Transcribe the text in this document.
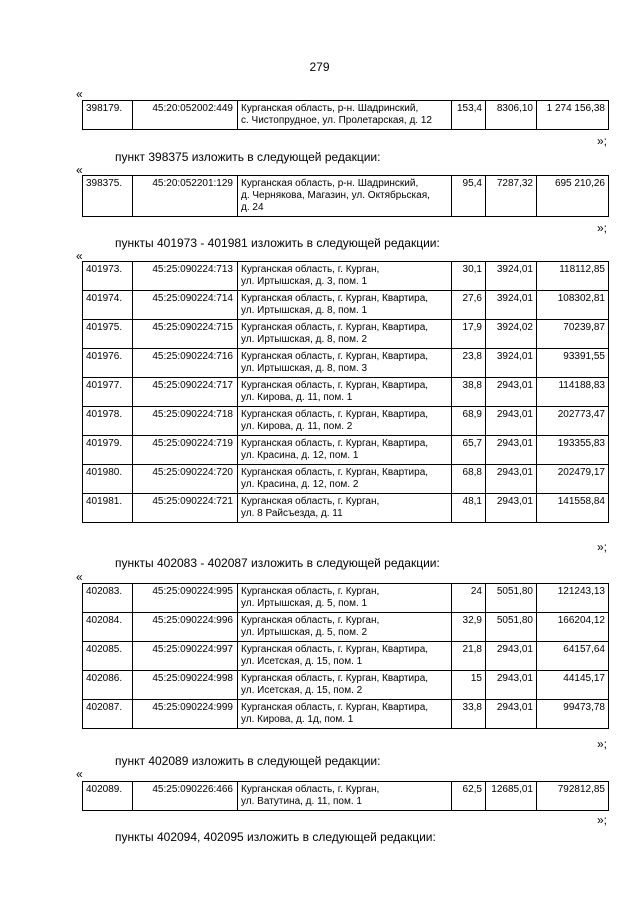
279
«
398179.	45:20:052002:449	Курганская область, р-н. Шадринский,
с. Чистопрудное, ул. Пролетарская, д. 12
	153,4	8306,10	1 274 156,38
»;
пункт 398375 изложить в следующей редакции:
«
398375.	45:20:052201:129	Курганская область, р-н. Шадринский,
д. Чернякова, Магазин, ул. Октябрьская,
д. 24
	95,4	7287,32	695 210,26
»;
пункты 401973 - 401981 изложить в следующей редакции:
«
401973.	45:25:090224:713	Курганская область, г. Курган,
ул. Иртышская, д. 3, пом. 1	30,1	3924,01	118112,85
401974.	45:25:090224:714	Курганская область, г. Курган, Квартира,
ул. Иртышская, д. 8, пом. 1	27,6	3924,01	108302,81
401975.	45:25:090224:715	Курганская область, г. Курган, Квартира,
ул. Иртышская, д. 8, пом. 2	17,9	3924,02	70239,87
401976.	45:25:090224:716	Курганская область, г. Курган, Квартира,
ул. Иртышская, д. 8, пом. 3	23,8	3924,01	93391,55
401977.	45:25:090224:717	Курганская область, г. Курган, Квартира,
ул. Кирова, д. 11, пом. 1	38,8	2943,01	114188,83
401978.	45:25:090224:718	Курганская область, г. Курган, Квартира,
ул. Кирова, д. 11, пом. 2	68,9	2943,01	202773,47
401979.	45:25:090224:719	Курганская область, г. Курган, Квартира,
ул. Красина, д. 12, пом. 1	65,7	2943,01	193355,83
401980.	45:25:090224:720	Курганская область, г. Курган, Квартира,
ул. Красина, д. 12, пом. 2	68,8	2943,01	202479,17
401981.	45:25:090224:721	Курганская область, г. Курган,
ул. 8 Райсъезда, д. 11	48,1	2943,01	141558,84
»;
пункты 402083 - 402087 изложить в следующей редакции:
«
402083.	45:25:090224:995	Курганская область, г. Курган,
ул. Иртышская, д. 5, пом. 1	24	5051,80	121243,13
402084.	45:25:090224:996	Курганская область, г. Курган,
ул. Иртышская, д. 5, пом. 2	32,9	5051,80	166204,12
402085.	45:25:090224:997	Курганская область, г. Курган, Квартира,
ул. Исетская, д. 15, пом. 1	21,8	2943,01	64157,64
402086.	45:25:090224:998	Курганская область, г. Курган, Квартира,
ул. Исетская, д. 15, пом. 2	15	2943,01	44145,17
402087.	45:25:090224:999	Курганская область, г. Курган, Квартира,
ул. Кирова, д. 1д, пом. 1	33,8	2943,01	99473,78
»;
пункт 402089 изложить в следующей редакции:
«
402089.	45:25:090226:466	Курганская область, г. Курган,
ул. Ватутина, д. 11, пом. 1
	62,5	12685,01	792812,85
»;
пункты 402094, 402095 изложить в следующей редакции:
